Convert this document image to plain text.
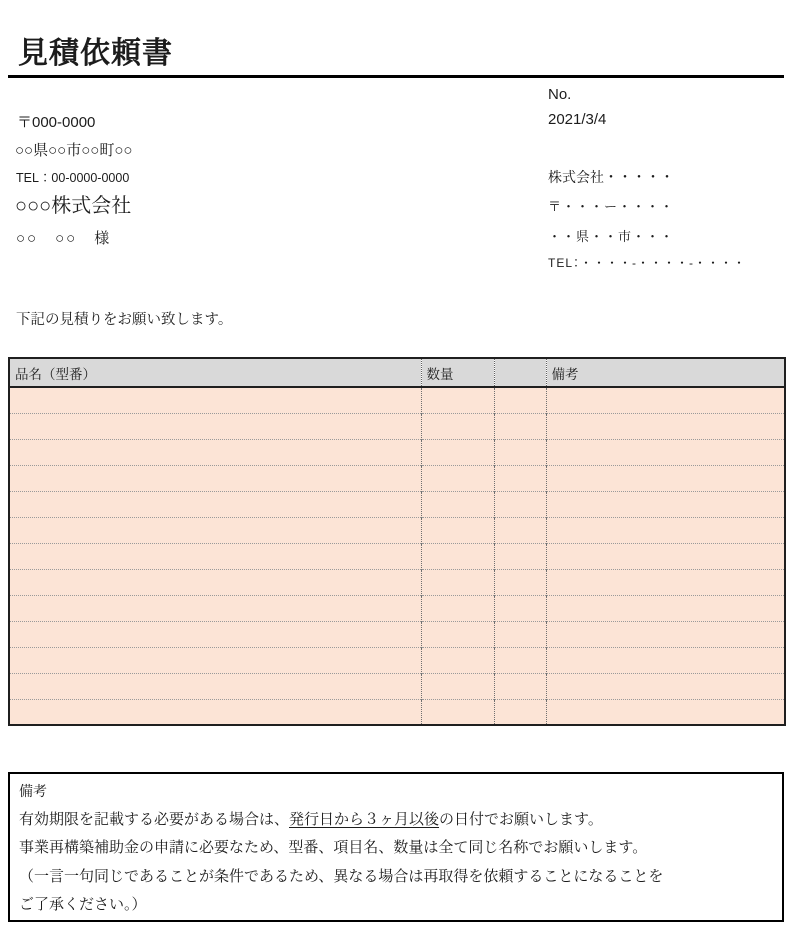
見積依頼書
No.
2021/3/4
〒000-0000
○○県○○市○○町○○
TEL：00-0000-0000
○○○株式会社
○○　○○　様
株式会社・・・・・
〒・・・ー・・・・
・・県・・市・・・
TEL：・・・・-・・・・-・・・・
下記の見積りをお願い致します。
品名（型番）	数量		備考

備考
有効期限を記載する必要がある場合は、発行日から３ヶ月以後の日付でお願いします。
事業再構築補助金の申請に必要なため、型番、項目名、数量は全て同じ名称でお願いします。
（一言一句同じであることが条件であるため、異なる場合は再取得を依頼することになることを
ご了承ください。）
